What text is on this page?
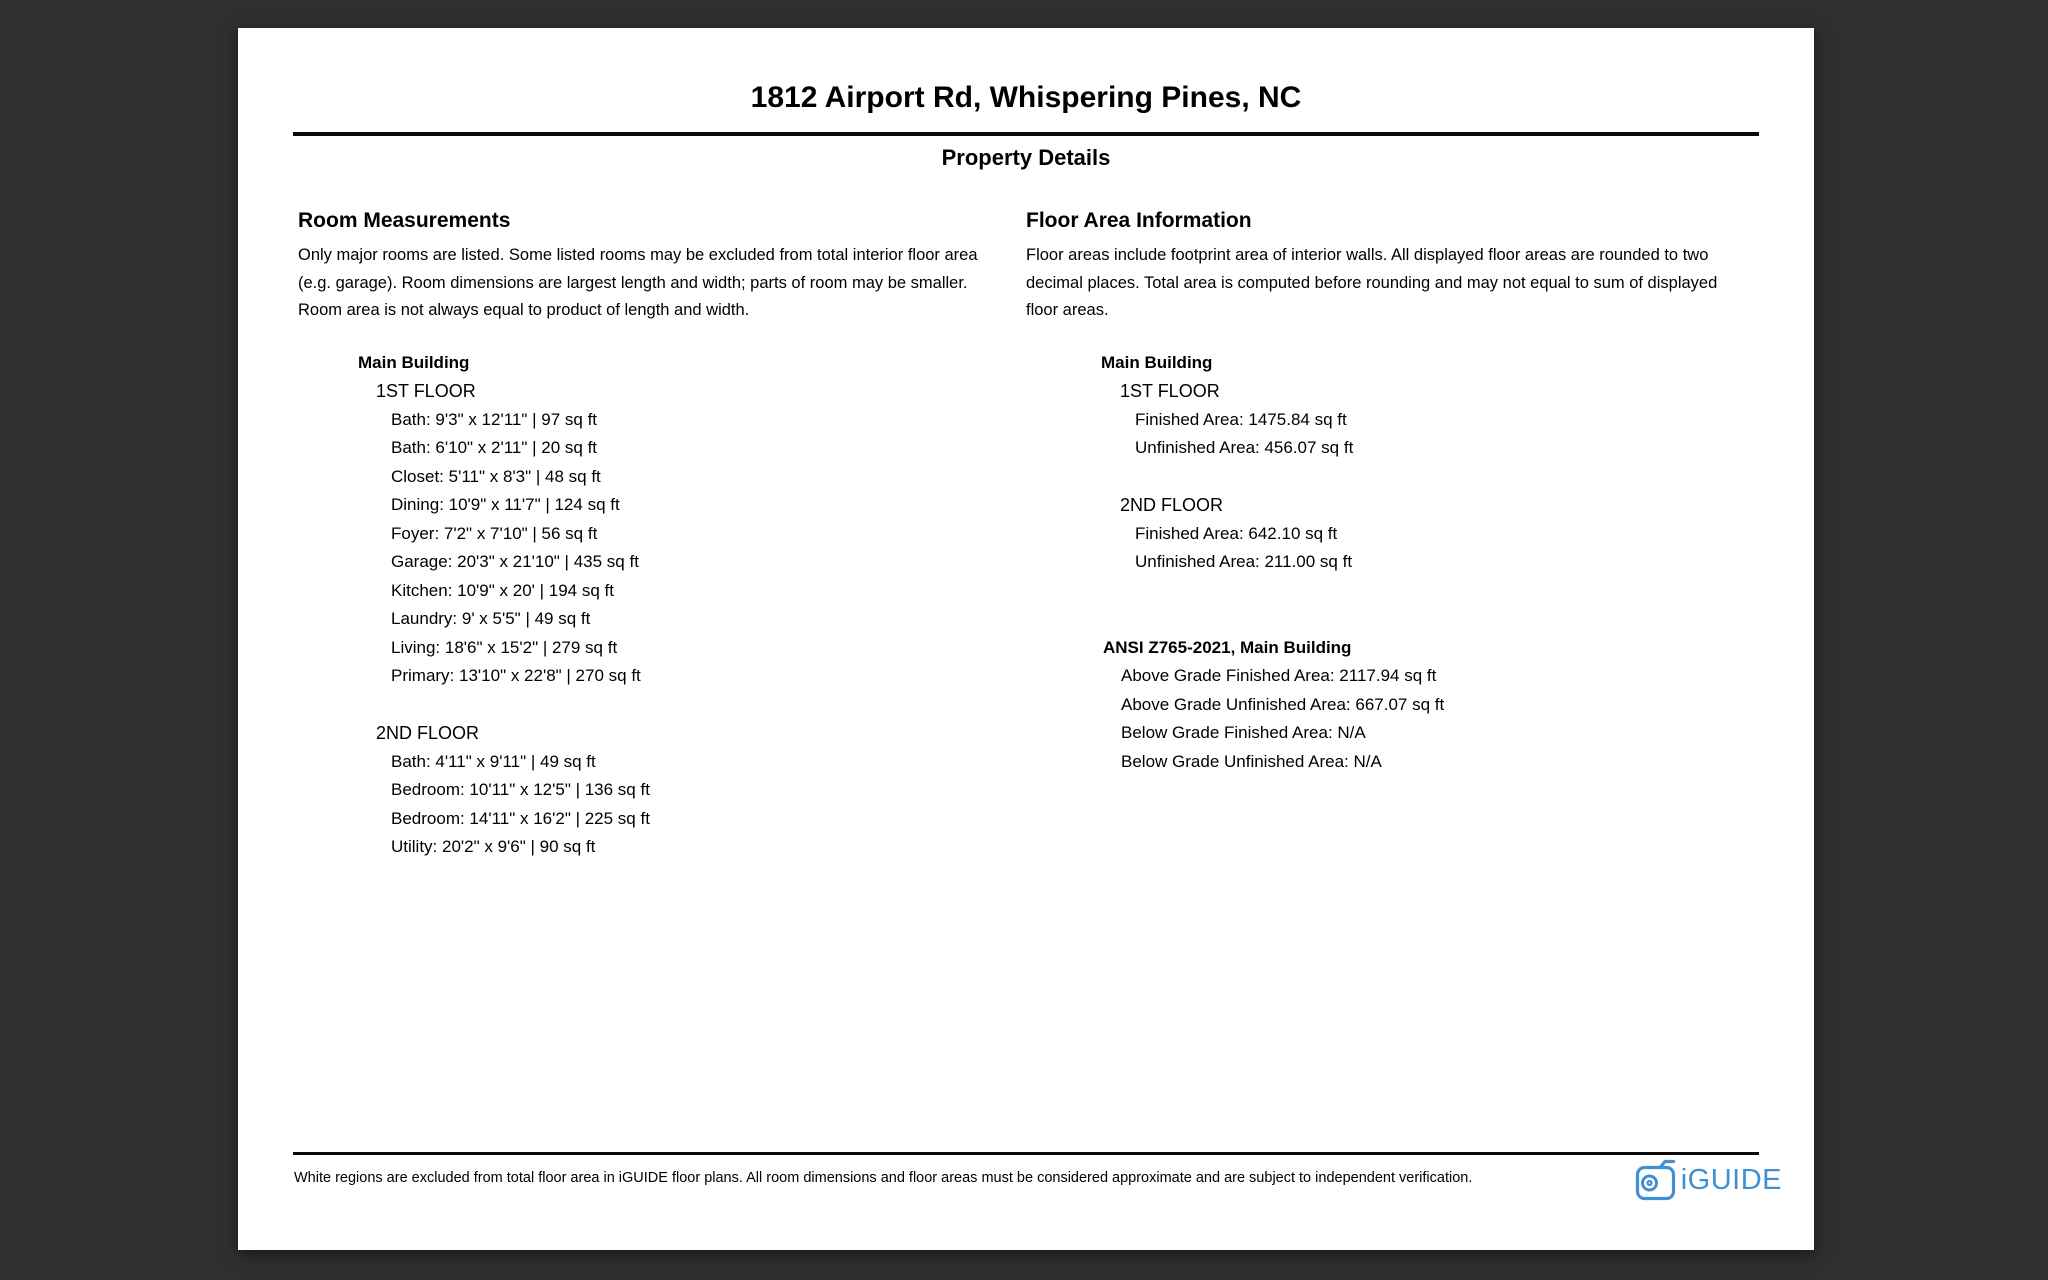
1812 Airport Rd, Whispering Pines, NC
Property Details
Room Measurements
Only major rooms are listed. Some listed rooms may be excluded from total interior floor area
(e.g. garage). Room dimensions are largest length and width; parts of room may be smaller.
Room area is not always equal to product of length and width.
Main Building
1ST FLOOR
Bath: 9'3" x 12'11" | 97 sq ft
Bath: 6'10" x 2'11" | 20 sq ft
Closet: 5'11" x 8'3" | 48 sq ft
Dining: 10'9" x 11'7" | 124 sq ft
Foyer: 7'2" x 7'10" | 56 sq ft
Garage: 20'3" x 21'10" | 435 sq ft
Kitchen: 10'9" x 20' | 194 sq ft
Laundry: 9' x 5'5" | 49 sq ft
Living: 18'6" x 15'2" | 279 sq ft
Primary: 13'10" x 22'8" | 270 sq ft
2ND FLOOR
Bath: 4'11" x 9'11" | 49 sq ft
Bedroom: 10'11" x 12'5" | 136 sq ft
Bedroom: 14'11" x 16'2" | 225 sq ft
Utility: 20'2" x 9'6" | 90 sq ft
Floor Area Information
Floor areas include footprint area of interior walls. All displayed floor areas are rounded to two
decimal places. Total area is computed before rounding and may not equal to sum of displayed
floor areas.
Main Building
1ST FLOOR
Finished Area: 1475.84 sq ft
Unfinished Area: 456.07 sq ft
2ND FLOOR
Finished Area: 642.10 sq ft
Unfinished Area: 211.00 sq ft
ANSI Z765-2021, Main Building
Above Grade Finished Area: 2117.94 sq ft
Above Grade Unfinished Area: 667.07 sq ft
Below Grade Finished Area: N/A
Below Grade Unfinished Area: N/A
White regions are excluded from total floor area in iGUIDE floor plans. All room dimensions and floor areas must be considered approximate and are subject to independent verification.	iGUIDE
